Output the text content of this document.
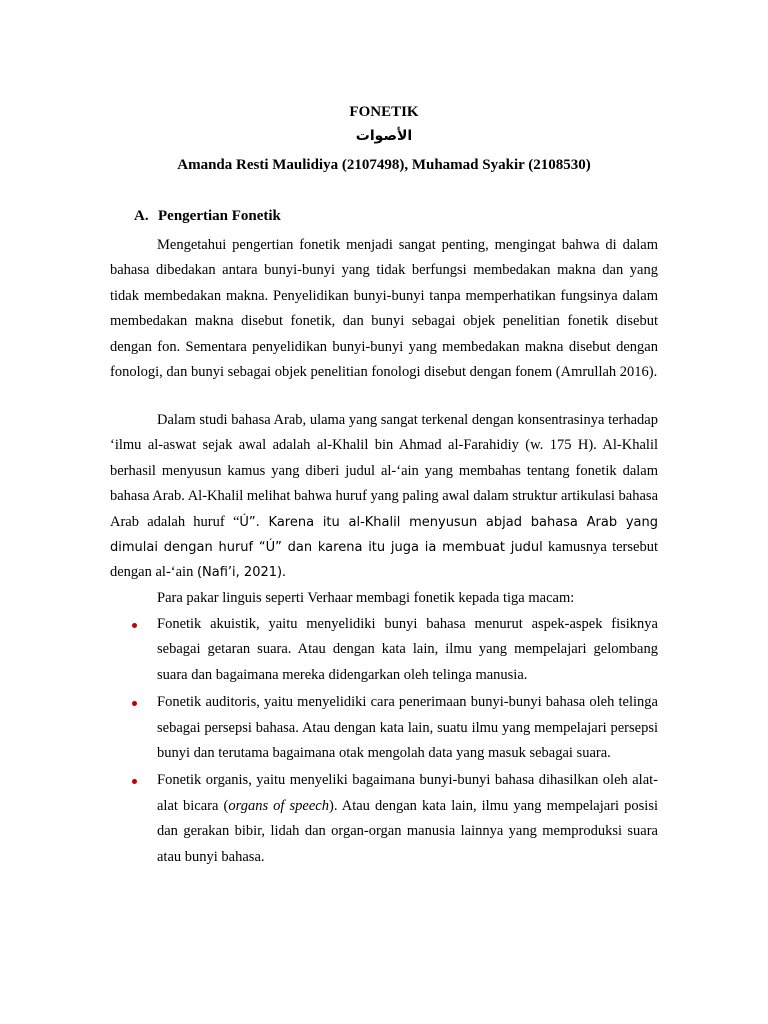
FONETIK
الأصوات
Amanda Resti Maulidiya (2107498), Muhamad Syakir (2108530)
A. Pengertian Fonetik

Mengetahui pengertian fonetik menjadi sangat penting, mengingat bahwa di dalam bahasa dibedakan antara bunyi-bunyi yang tidak berfungsi membedakan makna dan yang tidak membedakan makna. Penyelidikan bunyi-bunyi tanpa memperhatikan fungsinya dalam membedakan makna disebut fonetik, dan bunyi sebagai objek penelitian fonetik disebut dengan fon. Sementara penyelidikan bunyi-bunyi yang membedakan makna disebut dengan fonologi, dan bunyi sebagai objek penelitian fonologi disebut dengan fonem (Amrullah 2016).

Dalam studi bahasa Arab, ulama yang sangat terkenal dengan konsentrasinya terhadap ‘ilmu al-aswat sejak awal adalah al-Khalil bin Ahmad al-Farahidiy (w. 175 H). Al-Khalil berhasil menyusun kamus yang diberi judul al-‘ain yang membahas tentang fonetik dalam bahasa Arab. Al-Khalil melihat bahwa huruf yang paling awal dalam struktur artikulasi bahasa Arab adalah huruf “Ú”. Karena itu al-Khalil menyusun abjad bahasa Arab yang dimulai dengan huruf “Ú” dan karena itu juga ia membuat judul kamusnya tersebut dengan al-‘ain (Nafi’i, 2021).

Para pakar linguis seperti Verhaar membagi fonetik kepada tiga macam:

Fonetik akuistik, yaitu menyelidiki bunyi bahasa menurut aspek-aspek fisiknya sebagai getaran suara. Atau dengan kata lain, ilmu yang mempelajari gelombang suara dan bagaimana mereka didengarkan oleh telinga manusia.
Fonetik auditoris, yaitu menyelidiki cara penerimaan bunyi-bunyi bahasa oleh telinga sebagai persepsi bahasa. Atau dengan kata lain, suatu ilmu yang mempelajari persepsi bunyi dan terutama bagaimana otak mengolah data yang masuk sebagai suara.
Fonetik organis, yaitu menyeliki bagaimana bunyi-bunyi bahasa dihasilkan oleh alat-alat bicara (organs of speech). Atau dengan kata lain, ilmu yang mempelajari posisi dan gerakan bibir, lidah dan organ-organ manusia lainnya yang memproduksi suara atau bunyi bahasa.
